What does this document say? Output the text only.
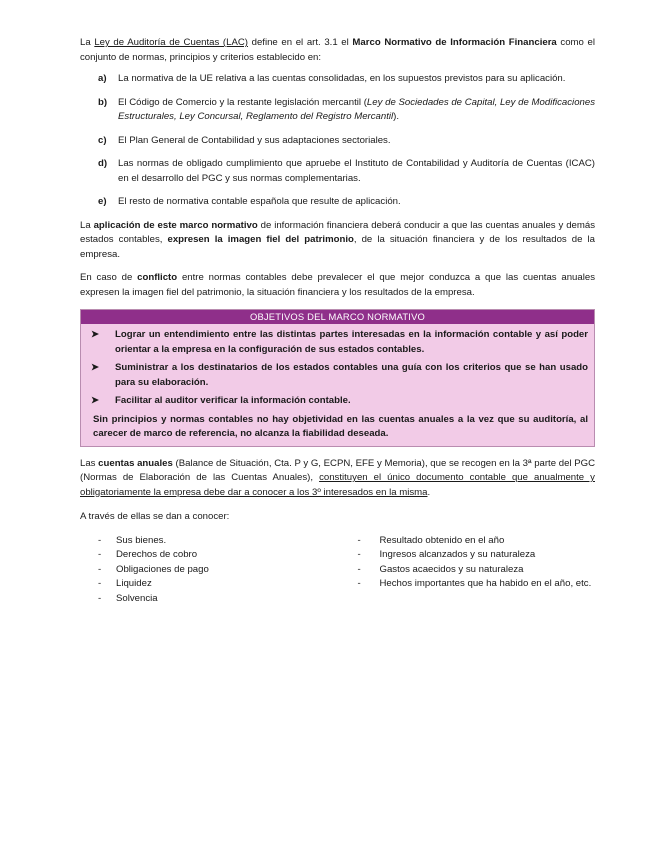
La Ley de Auditoría de Cuentas (LAC) define en el art. 3.1 el Marco Normativo de Información Financiera como el conjunto de normas, principios y criterios establecido en:

a)	La normativa de la UE relativa a las cuentas consolidadas, en los supuestos previstos para su aplicación.
b)	El Código de Comercio y la restante legislación mercantil (Ley de Sociedades de Capital, Ley de Modificaciones Estructurales, Ley Concursal, Reglamento del Registro Mercantil).
c)	El Plan General de Contabilidad y sus adaptaciones sectoriales.
d)	Las normas de obligado cumplimiento que apruebe el Instituto de Contabilidad y Auditoría de Cuentas (ICAC) en el desarrollo del PGC y sus normas complementarias.
e)	El resto de normativa contable española que resulte de aplicación.

La aplicación de este marco normativo de información financiera deberá conducir a que las cuentas anuales y demás estados contables, expresen la imagen fiel del patrimonio, de la situación financiera y de los resultados de la empresa.

En caso de conflicto entre normas contables debe prevalecer el que mejor conduzca a que las cuentas anuales expresen la imagen fiel del patrimonio, la situación financiera y los resultados de la empresa.

OBJETIVOS DEL MARCO NORMATIVO
➤	Lograr un entendimiento entre las distintas partes interesadas en la información contable y así poder orientar a la empresa en la configuración de sus estados contables.
➤	Suministrar a los destinatarios de los estados contables una guía con los criterios que se han usado para su elaboración.
➤	Facilitar al auditor verificar la información contable.
Sin principios y normas contables no hay objetividad en las cuentas anuales a la vez que su auditoría, al carecer de marco de referencia, no alcanza la fiabilidad deseada.

Las cuentas anuales (Balance de Situación, Cta. P y G, ECPN, EFE y Memoria), que se recogen en la 3ª parte del PGC (Normas de Elaboración de las Cuentas Anuales), constituyen el único documento contable que anualmente y obligatoriamente la empresa debe dar a conocer a los 3º interesados en la misma.

A través de ellas se dan a conocer:

-	Sus bienes.
-	Derechos de cobro
-	Obligaciones de pago
-	Liquidez
-	Solvencia
-	Resultado obtenido en el año
-	Ingresos alcanzados y su naturaleza
-	Gastos acaecidos y su naturaleza
-	Hechos importantes que ha habido en el año, etc.
